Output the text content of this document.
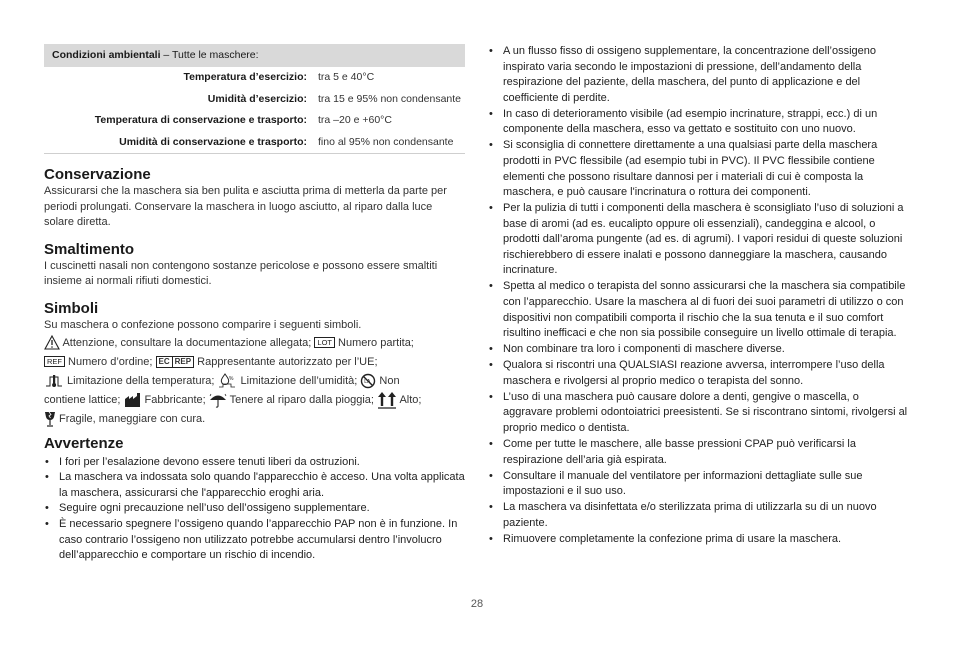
Condizioni ambientali – Tutte le maschere:
Temperatura d’esercizio:	tra 5 e 40°C
Umidità d’esercizio:	tra 15 e 95% non condensante
Temperatura di conservazione e trasporto:	tra –20 e +60°C
Umidità di conservazione e trasporto:	fino al 95% non condensante
Conservazione

Assicurarsi che la maschera sia ben pulita e asciutta prima di metterla da parte per periodi prolungati. Conservare la maschera in luogo asciutto, al riparo dalla luce solare diretta.

Smaltimento

I cuscinetti nasali non contengono sostanze pericolose e possono essere smaltiti insieme ai normali rifiuti domestici.

Simboli

Su maschera o confezione possono comparire i seguenti simboli.

Attenzione, consultare la documentazione allegata; LOT Numero partita;
REF Numero d’ordine; EC REP Rappresentante autorizzato per l’UE;
Limitazione della temperatura; % Limitazione dell’umidità; LA Non
contiene lattice;  Fabbricante;  Tenere al riparo dalla pioggia;  Alto;
Fragile, maneggiare con cura.
Avvertenze
• I fori per l’esalazione devono essere tenuti liberi da ostruzioni.
• La maschera va indossata solo quando l'apparecchio è acceso. Una volta applicata la maschera, assicurarsi che l'apparecchio eroghi aria.
• Seguire ogni precauzione nell’uso dell’ossigeno supplementare.
• È necessario spegnere l’ossigeno quando l’apparecchio PAP non è in funzione. In caso contrario l’ossigeno non utilizzato potrebbe accumularsi dentro l’involucro dell’apparecchio e comportare un rischio di incendio.
• A un flusso fisso di ossigeno supplementare, la concentrazione dell’ossigeno inspirato varia secondo le impostazioni di pressione, dell’andamento della respirazione del paziente, della maschera, del punto di applicazione e del coefficiente di perdite.
• In caso di deterioramento visibile (ad esempio incrinature, strappi, ecc.) di un componente della maschera, esso va gettato e sostituito con uno nuovo.
• Si sconsiglia di connettere direttamente a una qualsiasi parte della maschera prodotti in PVC flessibile (ad esempio tubi in PVC). Il PVC flessibile contiene elementi che possono risultare dannosi per i materiali di cui è composta la maschera, e può causare l'incrinatura o rottura dei componenti.
• Per la pulizia di tutti i componenti della maschera è sconsigliato l’uso di soluzioni a base di aromi (ad es. eucalipto oppure oli essenziali), candeggina e alcool, o prodotti dall’aroma pungente (ad es. di agrumi). I vapori residui di queste soluzioni rischierebbero di essere inalati e possono danneggiare la maschera, causando incrinature.
• Spetta al medico o terapista del sonno assicurarsi che la maschera sia compatibile con l’apparecchio. Usare la maschera al di fuori dei suoi parametri di utilizzo o con dispositivi non compatibili comporta il rischio che la sua tenuta e il suo comfort risultino inefficaci e che non sia possibile conseguire un livello ottimale di terapia.
• Non combinare tra loro i componenti di maschere diverse.
• Qualora si riscontri una QUALSIASI reazione avversa, interrompere l’uso della maschera e rivolgersi al proprio medico o terapista del sonno.
• L’uso di una maschera può causare dolore a denti, gengive o mascella, o aggravare problemi odontoiatrici preesistenti. Se si riscontrano sintomi, rivolgersi al proprio medico o dentista.
• Come per tutte le maschere, alle basse pressioni CPAP può verificarsi la respirazione dell’aria già espirata.
• Consultare il manuale del ventilatore per informazioni dettagliate sulle sue impostazioni e il suo uso.
• La maschera va disinfettata e/o sterilizzata prima di utilizzarla su di un nuovo paziente.
• Rimuovere completamente la confezione prima di usare la maschera.
28
